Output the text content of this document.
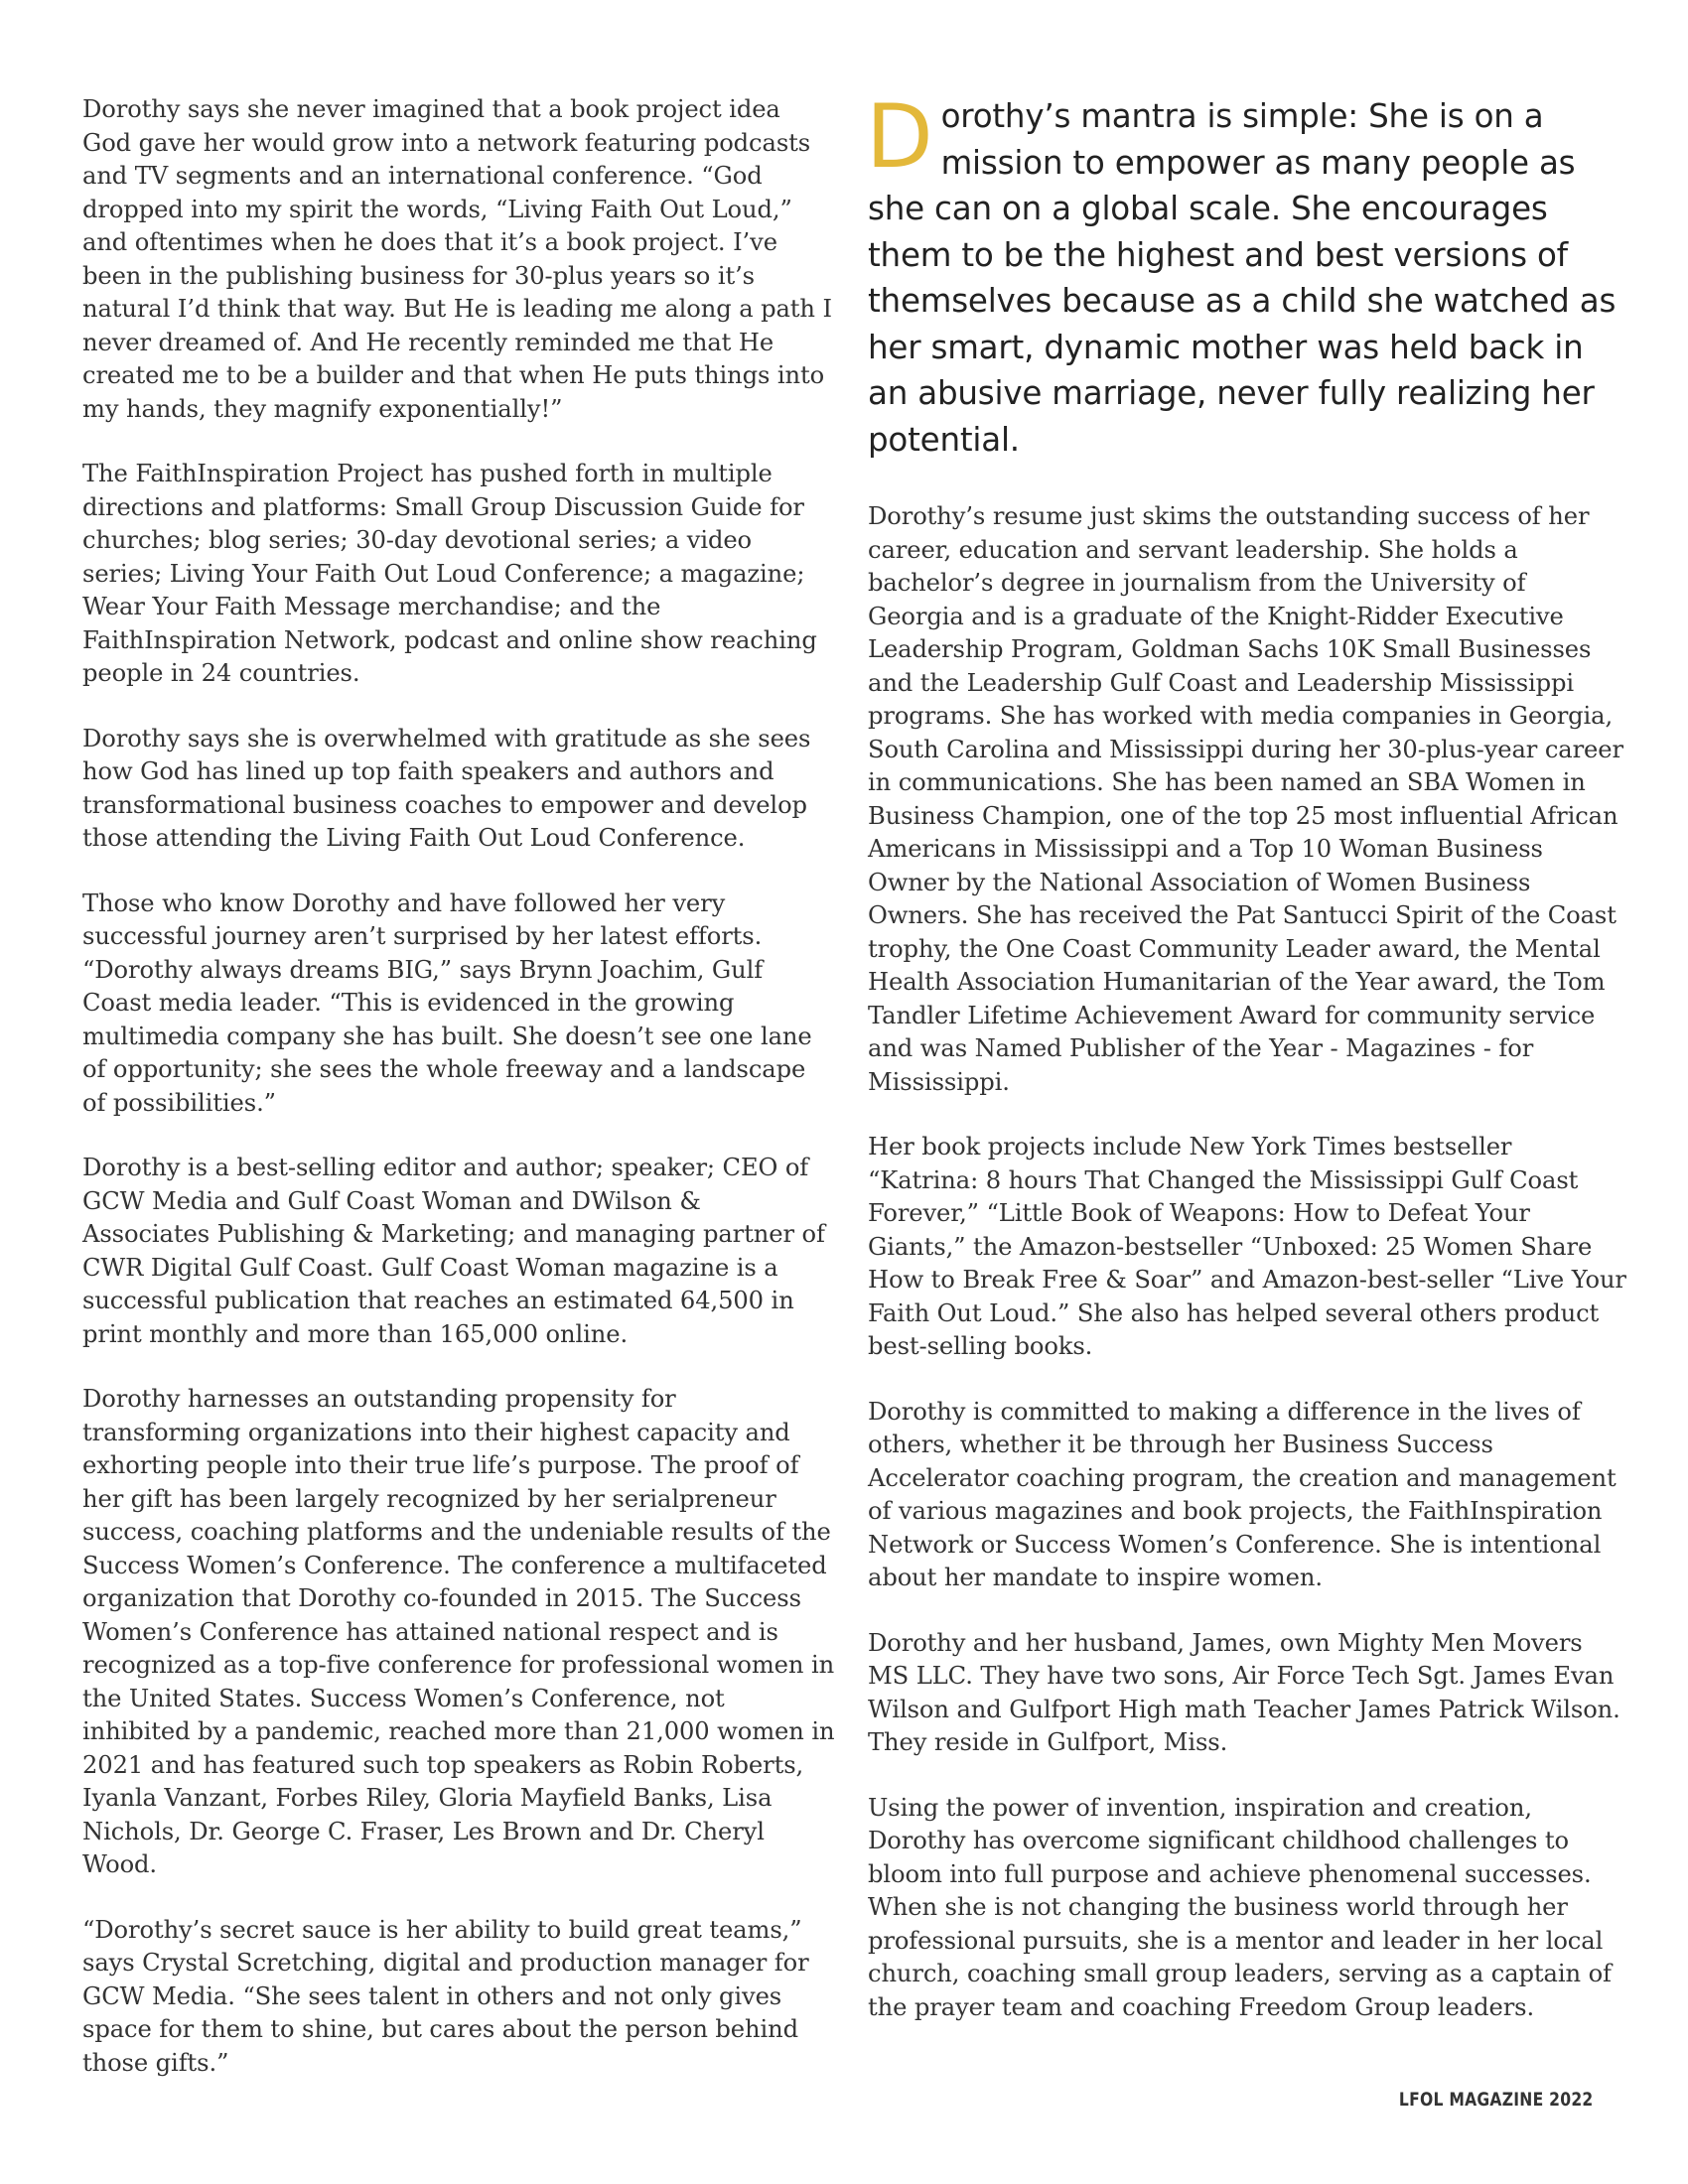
Dorothy says she never imagined that a book project idea God gave her would grow into a network featuring podcasts and TV segments and an international conference. “God dropped into my spirit the words, “Living Faith Out Loud,” and oftentimes when he does that it’s a book project. I’ve been in the publishing business for 30-plus years so it’s natural I’d think that way. But He is leading me along a path I never dreamed of. And He recently reminded me that He created me to be a builder and that when He puts things into my hands, they magnify exponentially!”

The FaithInspiration Project has pushed forth in multiple directions and platforms: Small Group Discussion Guide for churches; blog series; 30-day devotional series; a video series; Living Your Faith Out Loud Conference; a magazine; Wear Your Faith Message merchandise; and the FaithInspiration Network, podcast and online show reaching people in 24 countries.

Dorothy says she is overwhelmed with gratitude as she sees how God has lined up top faith speakers and authors and transformational business coaches to empower and develop those attending the Living Faith Out Loud Conference.

Those who know Dorothy and have followed her very successful journey aren’t surprised by her latest efforts. “Dorothy always dreams BIG,” says Brynn Joachim, Gulf Coast media leader. “This is evidenced in the growing multimedia company she has built. She doesn’t see one lane of opportunity; she sees the whole freeway and a landscape of possibilities.”

Dorothy is a best-selling editor and author; speaker; CEO of GCW Media and Gulf Coast Woman and DWilson & Associates Publishing & Marketing; and managing partner of CWR Digital Gulf Coast. Gulf Coast Woman magazine is a successful publication that reaches an estimated 64,500 in print monthly and more than 165,000 online.

Dorothy harnesses an outstanding propensity for transforming organizations into their highest capacity and exhorting people into their true life’s purpose. The proof of her gift has been largely recognized by her serialpreneur success, coaching platforms and the undeniable results of the Success Women’s Conference. The conference a multifaceted organization that Dorothy co-founded in 2015. The Success Women’s Conference has attained national respect and is recognized as a top-five conference for professional women in the United States. Success Women’s Conference, not inhibited by a pandemic, reached more than 21,000 women in 2021 and has featured such top speakers as Robin Roberts, Iyanla Vanzant, Forbes Riley, Gloria Mayfield Banks, Lisa Nichols, Dr. George C. Fraser, Les Brown and Dr. Cheryl Wood.

“Dorothy’s secret sauce is her ability to build great teams,” says Crystal Scretching, digital and production manager for GCW Media. “She sees talent in others and not only gives space for them to shine, but cares about the person behind those gifts.”

Dorothy’s mantra is simple: She is on a mission to empower as many people as she can on a global scale. She encourages them to be the highest and best versions of themselves because as a child she watched as her smart, dynamic mother was held back in an abusive marriage, never fully realizing her potential.

Dorothy’s resume just skims the outstanding success of her career, education and servant leadership. She holds a bachelor’s degree in journalism from the University of Georgia and is a graduate of the Knight-Ridder Executive Leadership Program, Goldman Sachs 10K Small Businesses and the Leadership Gulf Coast and Leadership Mississippi programs. She has worked with media companies in Georgia, South Carolina and Mississippi during her 30-plus-year career in communications. She has been named an SBA Women in Business Champion, one of the top 25 most influential African Americans in Mississippi and a Top 10 Woman Business Owner by the National Association of Women Business Owners. She has received the Pat Santucci Spirit of the Coast trophy, the One Coast Community Leader award, the Mental Health Association Humanitarian of the Year award, the Tom Tandler Lifetime Achievement Award for community service and was Named Publisher of the Year - Magazines - for Mississippi.

Her book projects include New York Times bestseller “Katrina: 8 hours That Changed the Mississippi Gulf Coast Forever,” “Little Book of Weapons: How to Defeat Your Giants,” the Amazon-bestseller “Unboxed: 25 Women Share How to Break Free & Soar” and Amazon-best-seller “Live Your Faith Out Loud.” She also has helped several others product best-selling books.

Dorothy is committed to making a difference in the lives of others, whether it be through her Business Success Accelerator coaching program, the creation and management of various magazines and book projects, the FaithInspiration Network or Success Women’s Conference. She is intentional about her mandate to inspire women.

Dorothy and her husband, James, own Mighty Men Movers MS LLC. They have two sons, Air Force Tech Sgt. James Evan Wilson and Gulfport High math Teacher James Patrick Wilson. They reside in Gulfport, Miss.

Using the power of invention, inspiration and creation, Dorothy has overcome significant childhood challenges to bloom into full purpose and achieve phenomenal successes. When she is not changing the business world through her professional pursuits, she is a mentor and leader in her local church, coaching small group leaders, serving as a captain of the prayer team and coaching Freedom Group leaders.

LFOL MAGAZINE 2022
